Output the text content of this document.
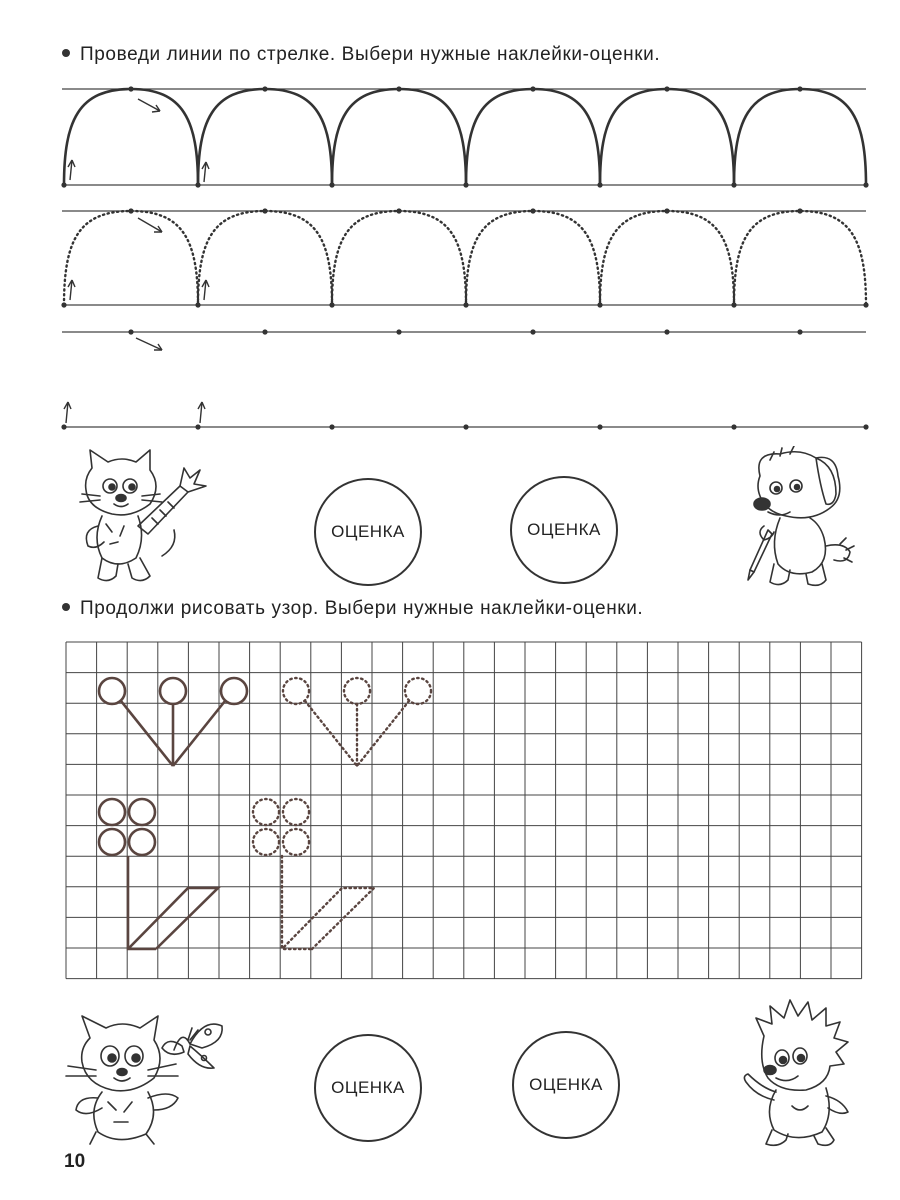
Проведи линии по стрелке. Выбери нужные наклейки-оценки.
ОЦЕНКА	ОЦЕНКА
Продолжи рисовать узор. Выбери нужные наклейки-оценки.
ОЦЕНКА	ОЦЕНКА
10
